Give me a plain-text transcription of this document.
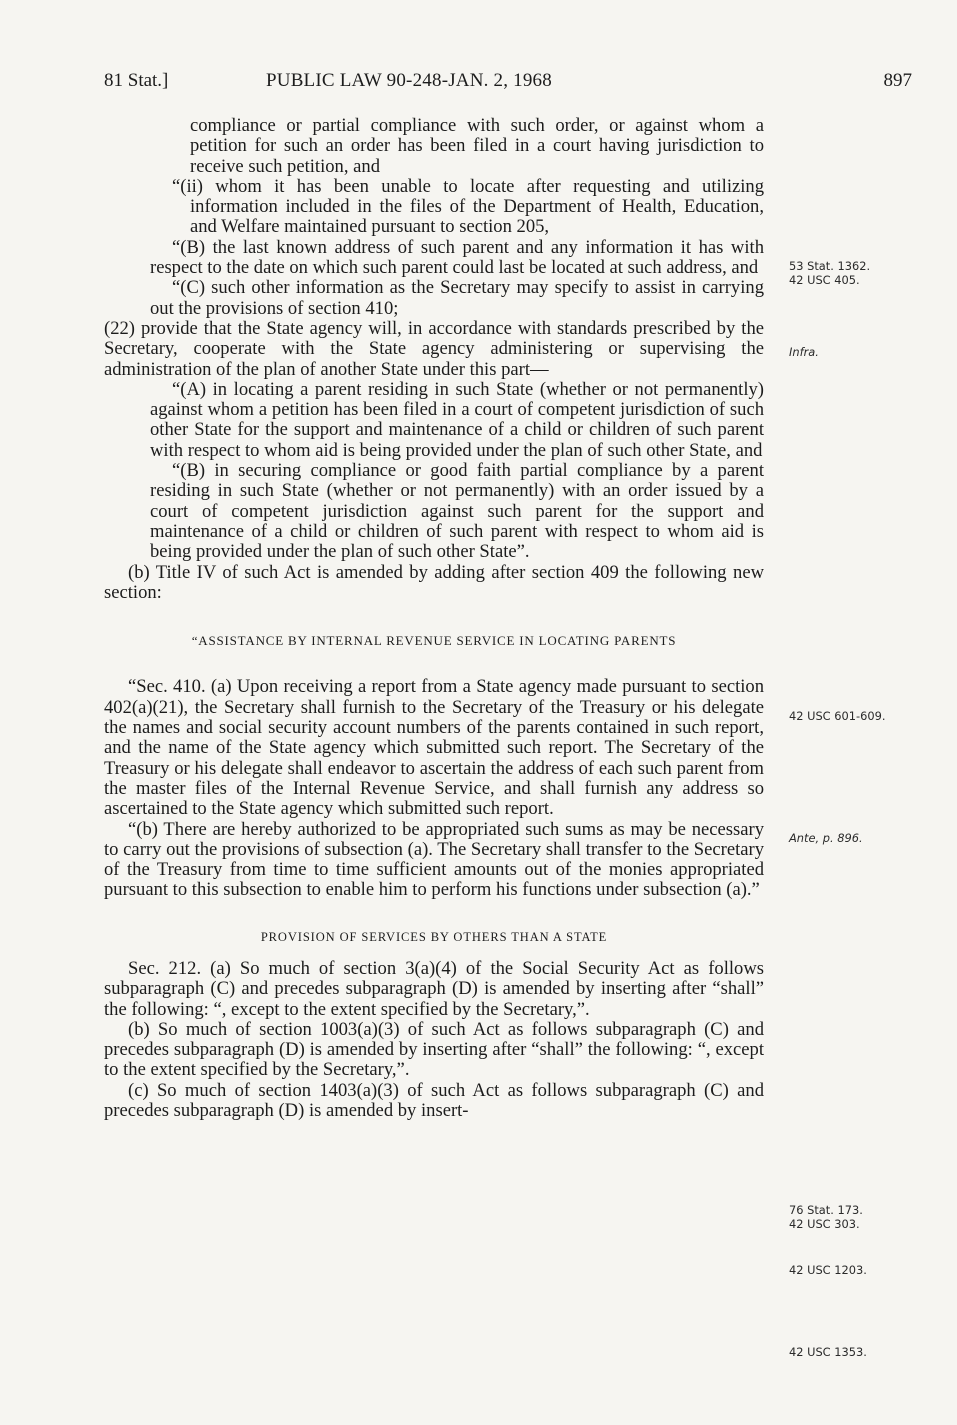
81 Stat.]	PUBLIC LAW 90-248-JAN. 2, 1968	897

compliance or partial compliance with such order, or against whom a petition for such an order has been filed in a court having jurisdiction to receive such petition, and

“(ii) whom it has been unable to locate after requesting and utilizing information included in the files of the Department of Health, Education, and Welfare maintained pursuant to section 205,

“(B) the last known address of such parent and any information it has with respect to the date on which such parent could last be located at such address, and

“(C) such other information as the Secretary may specify to assist in carrying out the provisions of section 410;

(22) provide that the State agency will, in accordance with standards prescribed by the Secretary, cooperate with the State agency administering or supervising the administration of the plan of another State under this part—

“(A) in locating a parent residing in such State (whether or not permanently) against whom a petition has been filed in a court of competent jurisdiction of such other State for the support and maintenance of a child or children of such parent with respect to whom aid is being provided under the plan of such other State, and

“(B) in securing compliance or good faith partial compliance by a parent residing in such State (whether or not permanently) with an order issued by a court of competent jurisdiction against such parent for the support and maintenance of a child or children of such parent with respect to whom aid is being provided under the plan of such other State”.

(b) Title IV of such Act is amended by adding after section 409 the following new section:

“ASSISTANCE BY INTERNAL REVENUE SERVICE IN LOCATING PARENTS

“Sec. 410. (a) Upon receiving a report from a State agency made pursuant to section 402(a)(21), the Secretary shall furnish to the Secretary of the Treasury or his delegate the names and social security account numbers of the parents contained in such report, and the name of the State agency which submitted such report. The Secretary of the Treasury or his delegate shall endeavor to ascertain the address of each such parent from the master files of the Internal Revenue Service, and shall furnish any address so ascertained to the State agency which submitted such report.

“(b) There are hereby authorized to be appropriated such sums as may be necessary to carry out the provisions of subsection (a). The Secretary shall transfer to the Secretary of the Treasury from time to time sufficient amounts out of the monies appropriated pursuant to this subsection to enable him to perform his functions under subsection (a).”

PROVISION OF SERVICES BY OTHERS THAN A STATE

Sec. 212. (a) So much of section 3(a)(4) of the Social Security Act as follows subparagraph (C) and precedes subparagraph (D) is amended by inserting after “shall” the following: “, except to the extent specified by the Secretary,”.

(b) So much of section 1003(a)(3) of such Act as follows subparagraph (C) and precedes subparagraph (D) is amended by inserting after “shall” the following: “, except to the extent specified by the Secretary,”.

(c) So much of section 1403(a)(3) of such Act as follows subparagraph (C) and precedes subparagraph (D) is amended by insert-

53 Stat. 1362.
42 USC 405.
Infra.
42 USC 601-609.
Ante, p. 896.
76 Stat. 173.
42 USC 303.
42 USC 1203.
42 USC 1353.
